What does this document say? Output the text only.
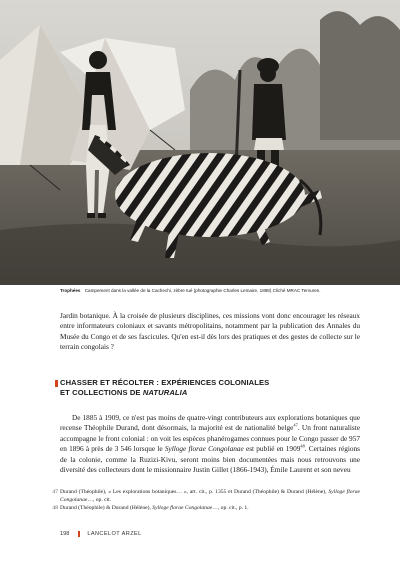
Trophées Campement dans la vallée de la Cachechi, zèbre tué (photographie Charles Lemaire, 1898) Cliché MRAC Tervuren.

Jardin botanique. À la croisée de plusieurs disciplines, ces missions vont donc encourager les réseaux entre informateurs coloniaux et savants métropolitains, notamment par la publication des Annales du Musée du Congo et de ses fascicules. Qu'en est-il dès lors des pratiques et des gestes de collecte sur le terrain congolais ?

CHASSER ET RÉCOLTER : EXPÉRIENCES COLONIALES
ET COLLECTIONS DE NATURALIA

De 1885 à 1909, ce n'est pas moins de quatre-vingt contributeurs aux explorations botaniques que recense Théophile Durand, dont désormais, la majorité est de nationalité belge$^{47}$. Un front naturaliste accompagne le front colonial : on voit les espèces phanérogames connues pour le Congo passer de 957 en 1896 à près de 3 546 lorsque le Sylloge florae Congolanae est publié en 1909$^{48}$. Certaines régions de la colonie, comme la Ruzizi-Kivu, seront moins bien documentées mais nous retrouvons une diversité des collecteurs dont le missionnaire Justin Gillet (1866-1943), Émile Laurent et son neveu

47 Durand (Théophile), « Les explorations botaniques… », art. cit., p. 1355 et Durand (Théophile) & Durand (Hélène), Sylloge florae Congolanae…, op. cit.
48 Durand (Théophile) & Durand (Hélène), Sylloge florae Congolanae…, op. cit., p. 1.
198	LANCELOT ARZEL
